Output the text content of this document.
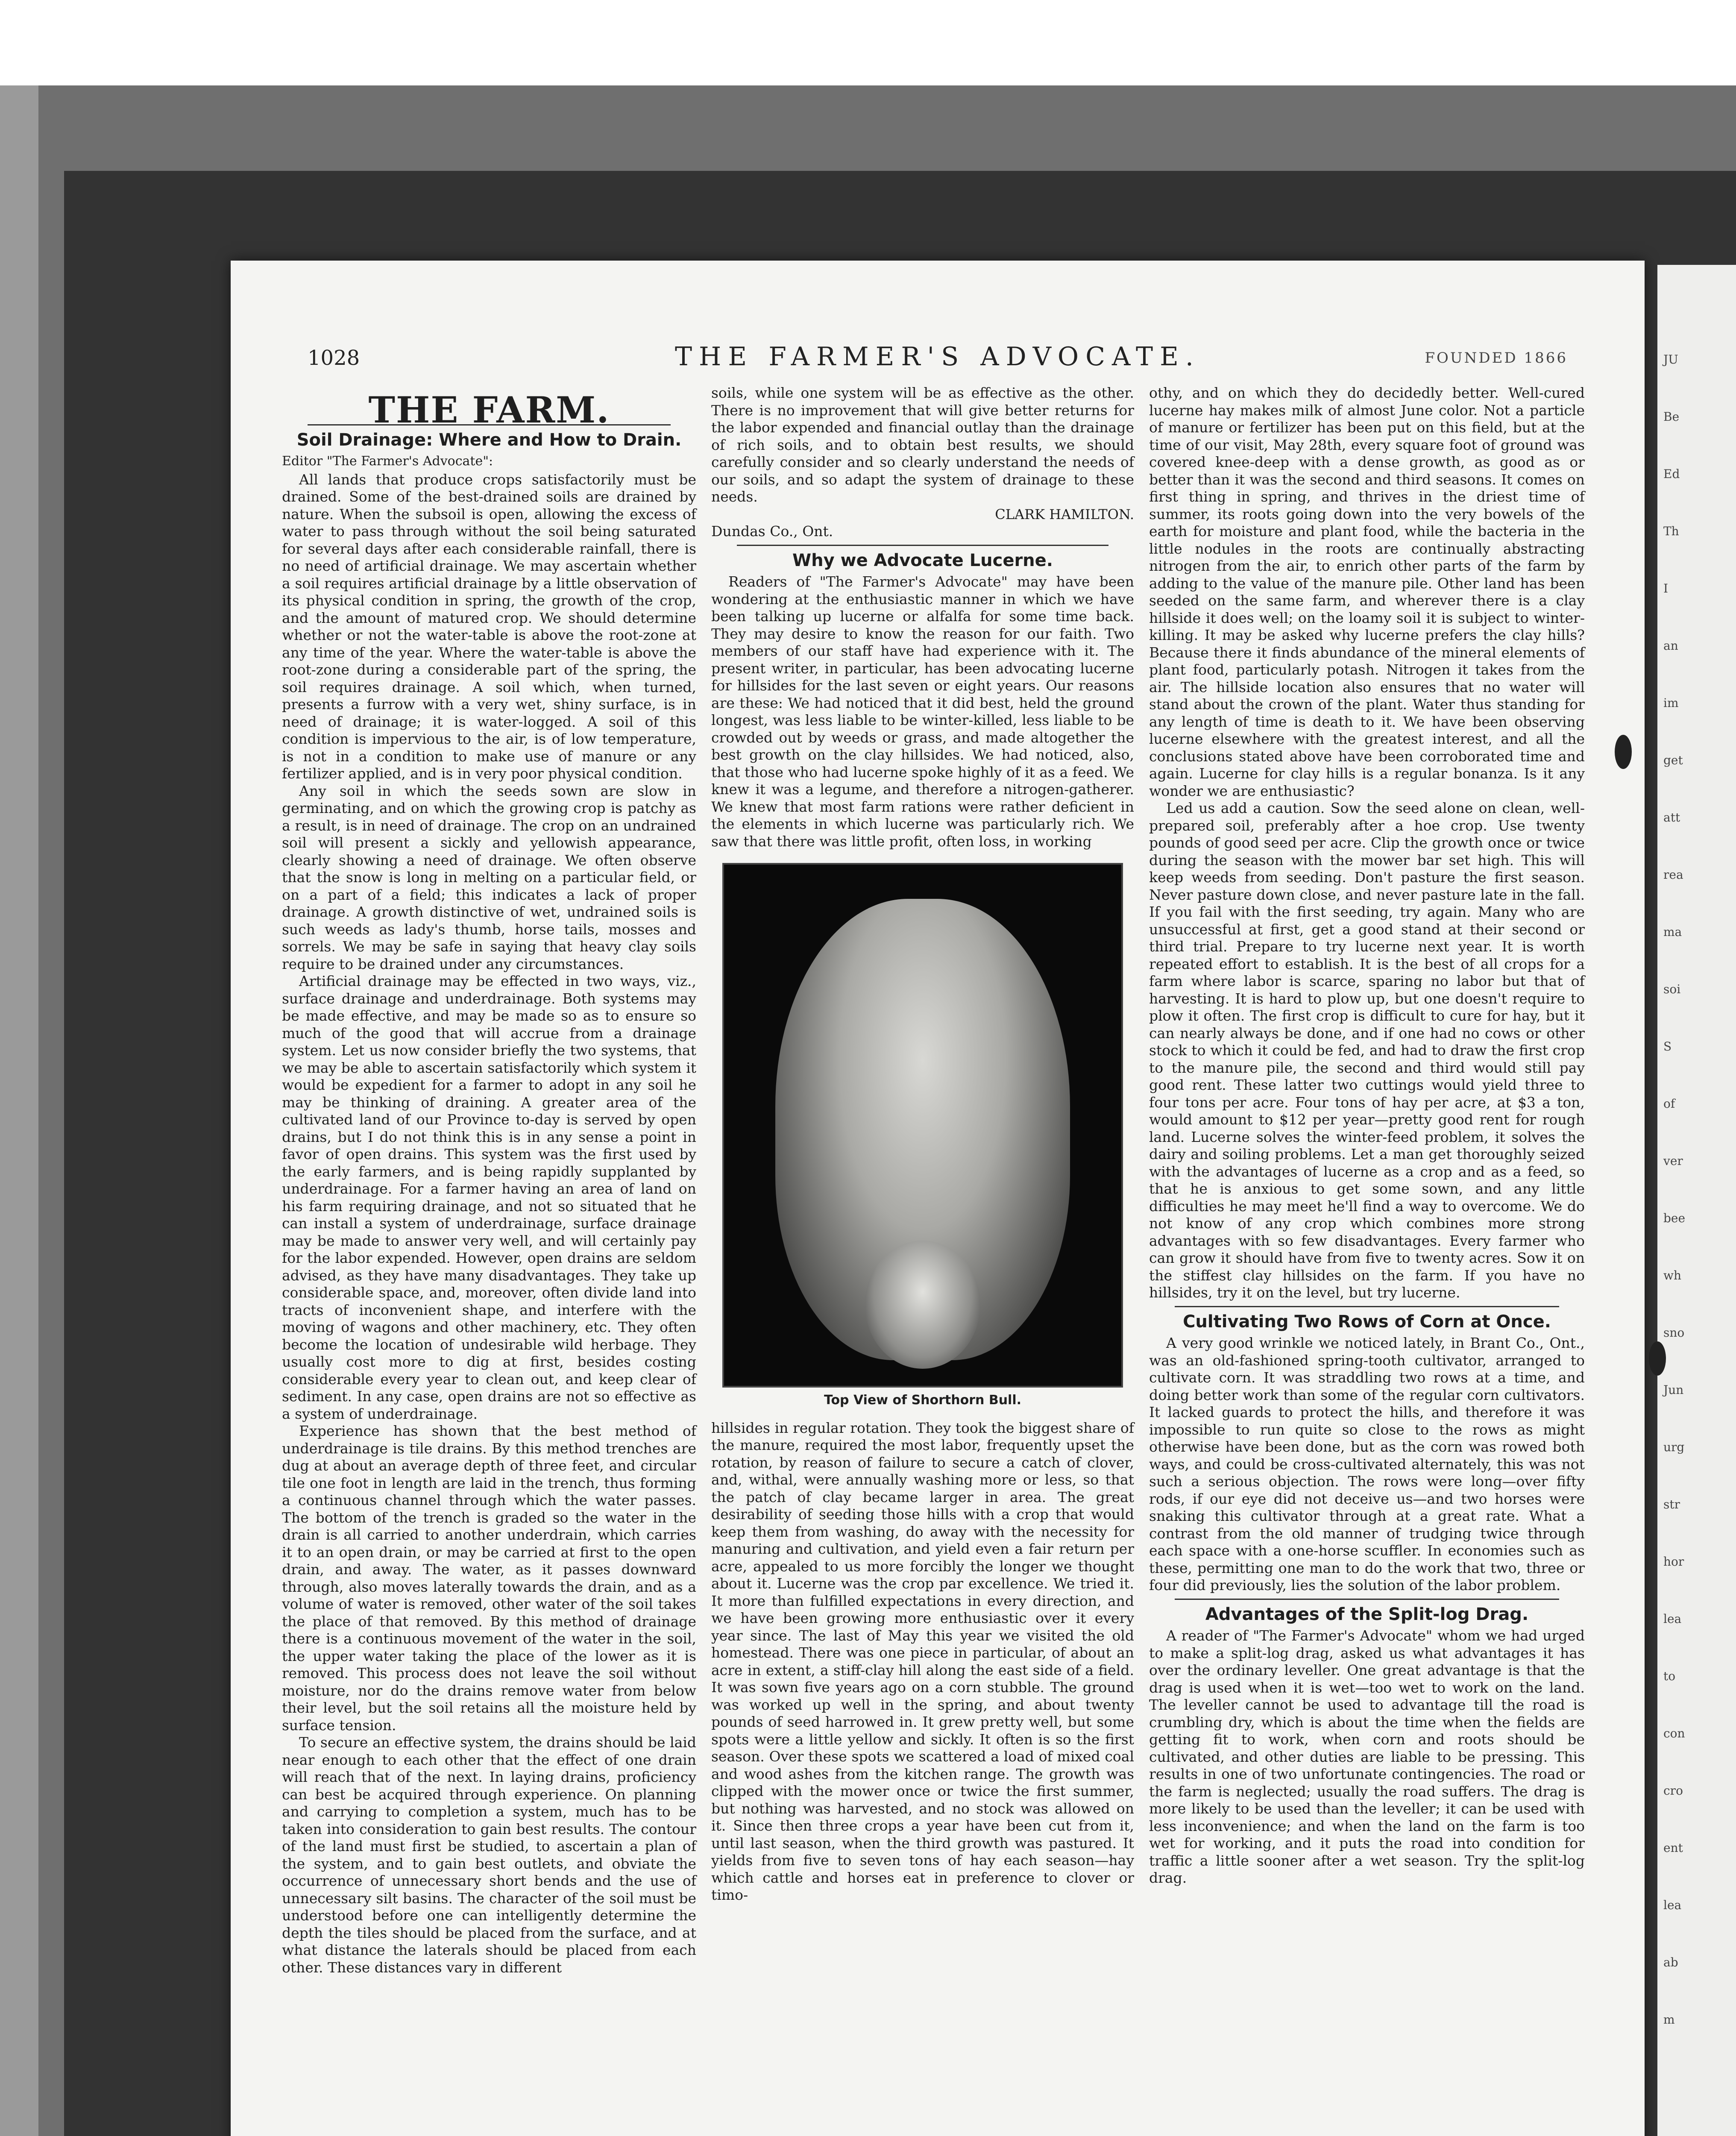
1028	THE FARMER'S ADVOCATE.	FOUNDED 1866
THE FARM.
Soil Drainage: Where and How to Drain.
Editor "The Farmer's Advocate":

All lands that produce crops satisfactorily must be drained. Some of the best-drained soils are drained by nature. When the subsoil is open, allowing the excess of water to pass through without the soil being saturated for several days after each considerable rainfall, there is no need of artificial drainage. We may ascertain whether a soil requires artificial drainage by a little observation of its physical condition in spring, the growth of the crop, and the amount of matured crop. We should determine whether or not the water-table is above the root-zone at any time of the year. Where the water-table is above the root-zone during a considerable part of the spring, the soil requires drainage. A soil which, when turned, presents a furrow with a very wet, shiny surface, is in need of drainage; it is water-logged. A soil of this condition is impervious to the air, is of low temperature, is not in a condition to make use of manure or any fertilizer applied, and is in very poor physical condition.

Any soil in which the seeds sown are slow in germinating, and on which the growing crop is patchy as a result, is in need of drainage. The crop on an undrained soil will present a sickly and yellowish appearance, clearly showing a need of drainage. We often observe that the snow is long in melting on a particular field, or on a part of a field; this indicates a lack of proper drainage. A growth distinctive of wet, undrained soils is such weeds as lady's thumb, horse tails, mosses and sorrels. We may be safe in saying that heavy clay soils require to be drained under any circumstances.

Artificial drainage may be effected in two ways, viz., surface drainage and underdrainage. Both systems may be made effective, and may be made so as to ensure so much of the good that will accrue from a drainage system. Let us now consider briefly the two systems, that we may be able to ascertain satisfactorily which system it would be expedient for a farmer to adopt in any soil he may be thinking of draining. A greater area of the cultivated land of our Province to-day is served by open drains, but I do not think this is in any sense a point in favor of open drains. This system was the first used by the early farmers, and is being rapidly supplanted by underdrainage. For a farmer having an area of land on his farm requiring drainage, and not so situated that he can install a system of underdrainage, surface drainage may be made to answer very well, and will certainly pay for the labor expended. However, open drains are seldom advised, as they have many disadvantages. They take up considerable space, and, moreover, often divide land into tracts of inconvenient shape, and interfere with the moving of wagons and other machinery, etc. They often become the location of undesirable wild herbage. They usually cost more to dig at first, besides costing considerable every year to clean out, and keep clear of sediment. In any case, open drains are not so effective as a system of underdrainage.

Experience has shown that the best method of underdrainage is tile drains. By this method trenches are dug at about an average depth of three feet, and circular tile one foot in length are laid in the trench, thus forming a continuous channel through which the water passes. The bottom of the trench is graded so the water in the drain is all carried to another underdrain, which carries it to an open drain, or may be carried at first to the open drain, and away. The water, as it passes downward through, also moves laterally towards the drain, and as a volume of water is removed, other water of the soil takes the place of that removed. By this method of drainage there is a continuous movement of the water in the soil, the upper water taking the place of the lower as it is removed. This process does not leave the soil without moisture, nor do the drains remove water from below their level, but the soil retains all the moisture held by surface tension.

To secure an effective system, the drains should be laid near enough to each other that the effect of one drain will reach that of the next. In laying drains, proficiency can best be acquired through experience. On planning and carrying to completion a system, much has to be taken into consideration to gain best results. The contour of the land must first be studied, to ascertain a plan of the system, and to gain best outlets, and obviate the occurrence of unnecessary short bends and the use of unnecessary silt basins. The character of the soil must be understood before one can intelligently determine the depth the tiles should be placed from the surface, and at what distance the laterals should be placed from each other. These distances vary in different

soils, while one system will be as effective as the other. There is no improvement that will give better returns for the labor expended and financial outlay than the drainage of rich soils, and to obtain best results, we should carefully consider and so clearly understand the needs of our soils, and so adapt the system of drainage to these needs.

CLARK HAMILTON.

Dundas Co., Ont.

Why we Advocate Lucerne.

Readers of "The Farmer's Advocate" may have been wondering at the enthusiastic manner in which we have been talking up lucerne or alfalfa for some time back. They may desire to know the reason for our faith. Two members of our staff have had experience with it. The present writer, in particular, has been advocating lucerne for hillsides for the last seven or eight years. Our reasons are these: We had noticed that it did best, held the ground longest, was less liable to be winter-killed, less liable to be crowded out by weeds or grass, and made altogether the best growth on the clay hillsides. We had noticed, also, that those who had lucerne spoke highly of it as a feed. We knew it was a legume, and therefore a nitrogen-gatherer. We knew that most farm rations were rather deficient in the elements in which lucerne was particularly rich. We saw that there was little profit, often loss, in working

Top View of Shorthorn Bull.

hillsides in regular rotation. They took the biggest share of the manure, required the most labor, frequently upset the rotation, by reason of failure to secure a catch of clover, and, withal, were annually washing more or less, so that the patch of clay became larger in area. The great desirability of seeding those hills with a crop that would keep them from washing, do away with the necessity for manuring and cultivation, and yield even a fair return per acre, appealed to us more forcibly the longer we thought about it. Lucerne was the crop par excellence. We tried it. It more than fulfilled expectations in every direction, and we have been growing more enthusiastic over it every year since. The last of May this year we visited the old homestead. There was one piece in particular, of about an acre in extent, a stiff-clay hill along the east side of a field. It was sown five years ago on a corn stubble. The ground was worked up well in the spring, and about twenty pounds of seed harrowed in. It grew pretty well, but some spots were a little yellow and sickly. It often is so the first season. Over these spots we scattered a load of mixed coal and wood ashes from the kitchen range. The growth was clipped with the mower once or twice the first summer, but nothing was harvested, and no stock was allowed on it. Since then three crops a year have been cut from it, until last season, when the third growth was pastured. It yields from five to seven tons of hay each season—hay which cattle and horses eat in preference to clover or timo-

othy, and on which they do decidedly better. Well-cured lucerne hay makes milk of almost June color. Not a particle of manure or fertilizer has been put on this field, but at the time of our visit, May 28th, every square foot of ground was covered knee-deep with a dense growth, as good as or better than it was the second and third seasons. It comes on first thing in spring, and thrives in the driest time of summer, its roots going down into the very bowels of the earth for moisture and plant food, while the bacteria in the little nodules in the roots are continually abstracting nitrogen from the air, to enrich other parts of the farm by adding to the value of the manure pile. Other land has been seeded on the same farm, and wherever there is a clay hillside it does well; on the loamy soil it is subject to winter-killing. It may be asked why lucerne prefers the clay hills? Because there it finds abundance of the mineral elements of plant food, particularly potash. Nitrogen it takes from the air. The hillside location also ensures that no water will stand about the crown of the plant. Water thus standing for any length of time is death to it. We have been observing lucerne elsewhere with the greatest interest, and all the conclusions stated above have been corroborated time and again. Lucerne for clay hills is a regular bonanza. Is it any wonder we are enthusiastic?

Led us add a caution. Sow the seed alone on clean, well-prepared soil, preferably after a hoe crop. Use twenty pounds of good seed per acre. Clip the growth once or twice during the season with the mower bar set high. This will keep weeds from seeding. Don't pasture the first season. Never pasture down close, and never pasture late in the fall. If you fail with the first seeding, try again. Many who are unsuccessful at first, get a good stand at their second or third trial. Prepare to try lucerne next year. It is worth repeated effort to establish. It is the best of all crops for a farm where labor is scarce, sparing no labor but that of harvesting. It is hard to plow up, but one doesn't require to plow it often. The first crop is difficult to cure for hay, but it can nearly always be done, and if one had no cows or other stock to which it could be fed, and had to draw the first crop to the manure pile, the second and third would still pay good rent. These latter two cuttings would yield three to four tons per acre. Four tons of hay per acre, at $3 a ton, would amount to $12 per year—pretty good rent for rough land. Lucerne solves the winter-feed problem, it solves the dairy and soiling problems. Let a man get thoroughly seized with the advantages of lucerne as a crop and as a feed, so that he is anxious to get some sown, and any little difficulties he may meet he'll find a way to overcome. We do not know of any crop which combines more strong advantages with so few disadvantages. Every farmer who can grow it should have from five to twenty acres. Sow it on the stiffest clay hillsides on the farm. If you have no hillsides, try it on the level, but try lucerne.

Cultivating Two Rows of Corn at Once.

A very good wrinkle we noticed lately, in Brant Co., Ont., was an old-fashioned spring-tooth cultivator, arranged to cultivate corn. It was straddling two rows at a time, and doing better work than some of the regular corn cultivators. It lacked guards to protect the hills, and therefore it was impossible to run quite so close to the rows as might otherwise have been done, but as the corn was rowed both ways, and could be cross-cultivated alternately, this was not such a serious objection. The rows were long—over fifty rods, if our eye did not deceive us—and two horses were snaking this cultivator through at a great rate. What a contrast from the old manner of trudging twice through each space with a one-horse scuffler. In economies such as these, permitting one man to do the work that two, three or four did previously, lies the solution of the labor problem.

Advantages of the Split-log Drag.

A reader of "The Farmer's Advocate" whom we had urged to make a split-log drag, asked us what advantages it has over the ordinary leveller. One great advantage is that the drag is used when it is wet—too wet to work on the land. The leveller cannot be used to advantage till the road is crumbling dry, which is about the time when the fields are getting fit to work, when corn and roots should be cultivated, and other duties are liable to be pressing. This results in one of two unfortunate contingencies. The road or the farm is neglected; usually the road suffers. The drag is more likely to be used than the leveller; it can be used with less inconvenience; and when the land on the farm is too wet for working, and it puts the road into condition for traffic a little sooner after a wet season. Try the split-log drag.

JU
Be
Ed
Th
I
an
im
get
att
rea
ma
soi
S
of
ver
bee
wh
sno
Jun
urg
str
hor
lea
to
con
cro
ent
lea
ab
m
